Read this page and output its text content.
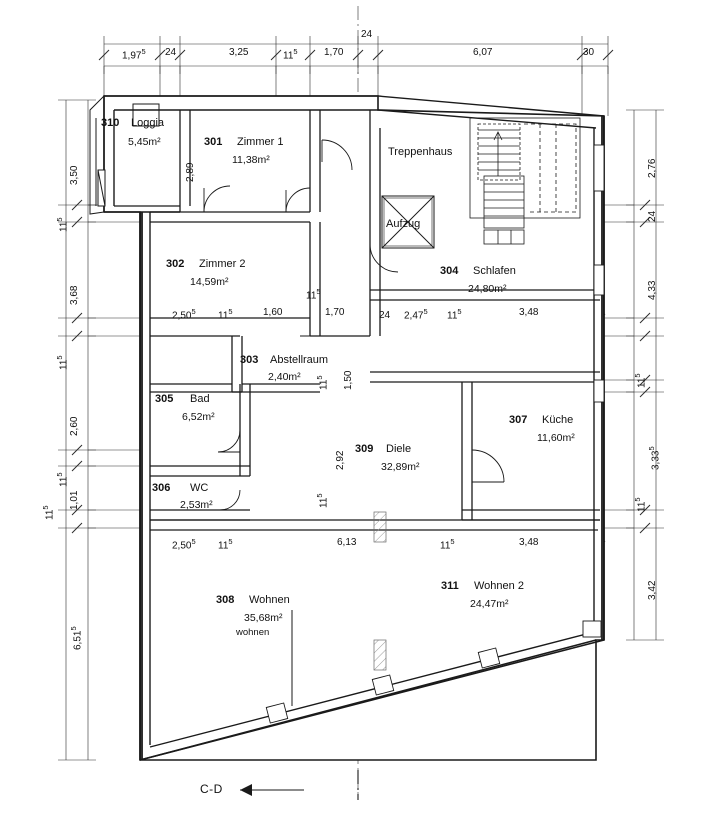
1,97$^5$ 24	3,25	$11^5$	1,70
24
6,07	30
3,50
$11^5$
3,68
$11^5$
2,60
$11^5$
1,01
$11^5$
6,51$^5$
2,76
24
4,33
$11^5$
3,33$^5$
$11^5$
3,42
2,89
$11^5$
2,50$^5$ $11^5$	1,60	1,70	24 2,47$^5$ $11^5$	3,48
$11^5$	1,50
2,92
$11^5$
2,50$^5$ $11^5$	6,13	$11^5$	3,48
310 Loggia
5,45m²	301 Zimmer 1
11,38m²
302 Zimmer 2
14,59m²
303 Abstellraum
2,40m²
304 Schlafen
24,80m²
305 Bad
6,52m²
306 WC
2,53m²
307 Küche
11,60m²
308 Wohnen
35,68m²
wohnen
309 Diele
32,89m²
311 Wohnen 2
24,47m²
Treppenhaus
Aufzug
C-D
